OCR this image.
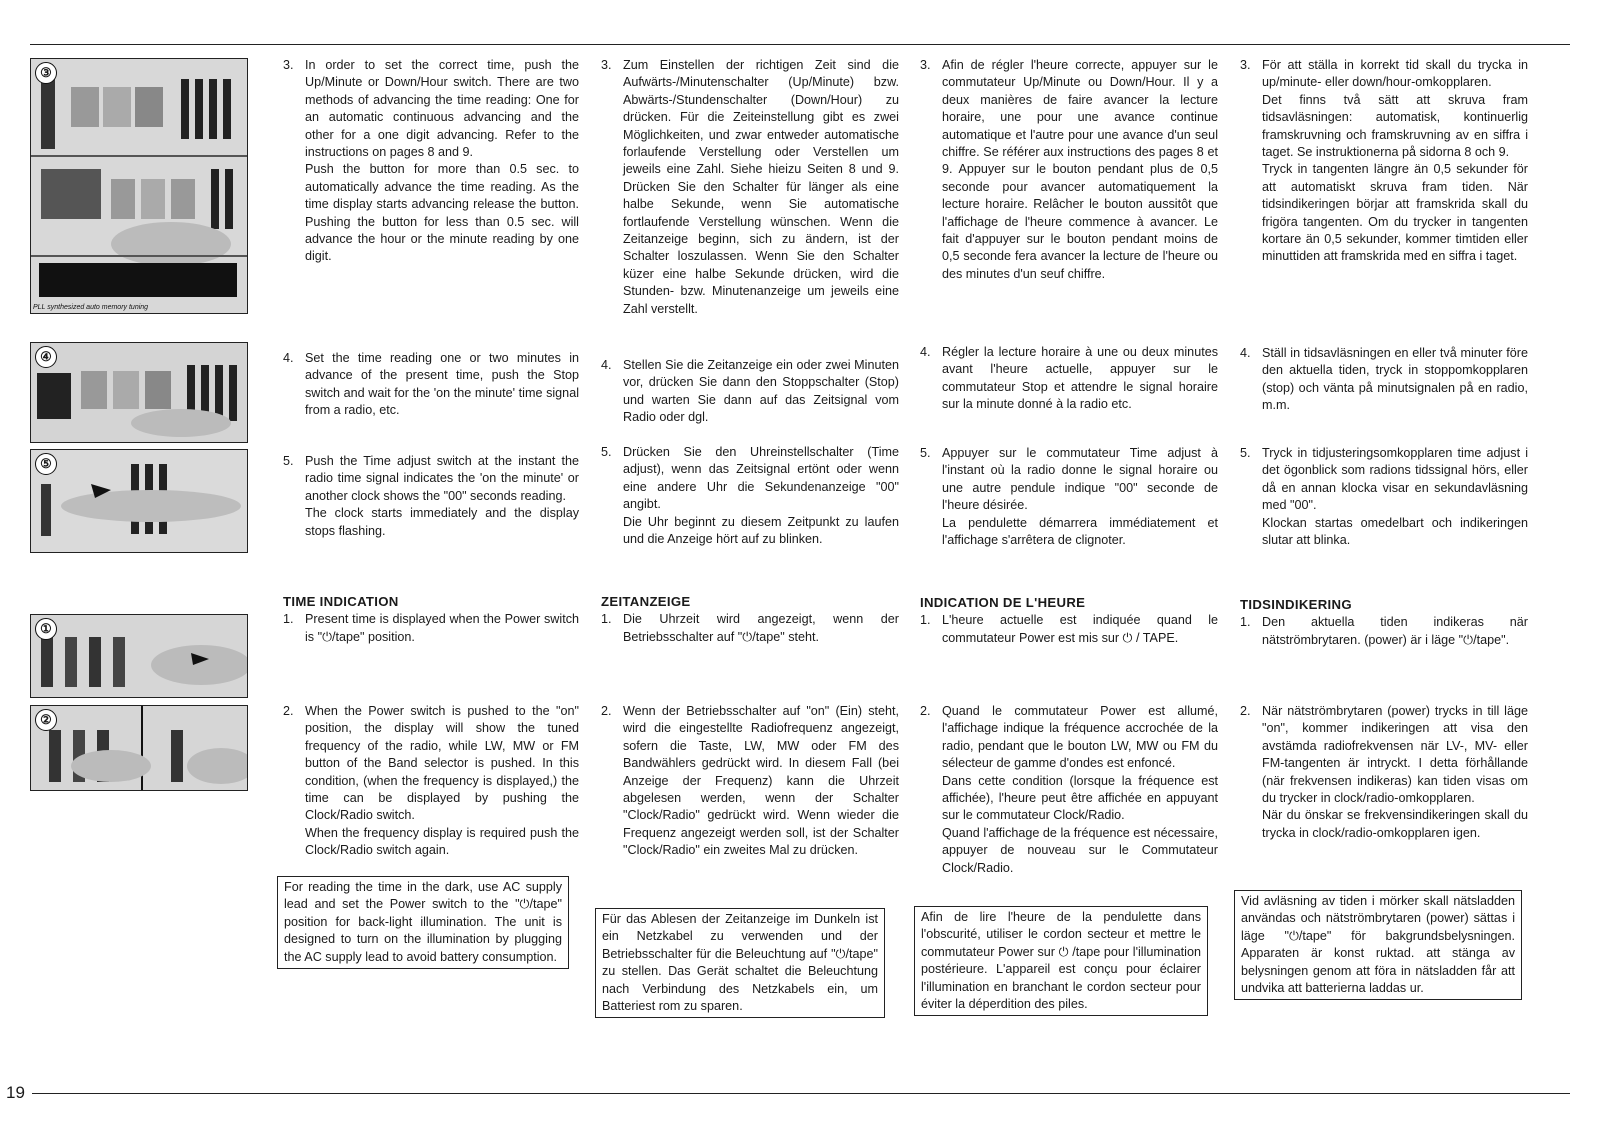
③
PLL synthesized auto memory tuning
④
⑤
①
②
3. In order to set the correct time, push the Up/Minute or Down/Hour switch. There are two methods of advancing the time reading: One for an automatic continuous advancing and the other for a one digit advancing. Refer to the instructions on pages 8 and 9.

Push the button for more than 0.5 sec. to automatically advance the time reading. As the time display starts advancing release the button. Pushing the button for less than 0.5 sec. will advance the hour or the minute reading by one digit.

4. Set the time reading one or two minutes in advance of the present time, push the Stop switch and wait for the 'on the minute' time signal from a radio, etc.

5. Push the Time adjust switch at the instant the radio time signal indicates the 'on the minute' or another clock shows the "00" seconds reading.

The clock starts immediately and the display stops flashing.

TIME INDICATION
1. Present time is displayed when the Power switch is "⏻/tape" position.

2. When the Power switch is pushed to the "on" position, the display will show the tuned frequency of the radio, while LW, MW or FM button of the Band selector is pushed. In this condition, (when the frequency is displayed,) the time can be displayed by pushing the Clock/Radio switch.

When the frequency display is required push the Clock/Radio switch again.

For reading the time in the dark, use AC supply lead and set the Power switch to the "⏻/tape" position for back-light illumination. The unit is designed to turn on the illumination by plugging the AC supply lead to avoid battery consumption.
3. Zum Einstellen der richtigen Zeit sind die Aufwärts-/Minutenschalter (Up/Minute) bzw. Abwärts-/Stundenschalter (Down/Hour) zu drücken. Für die Zeiteinstellung gibt es zwei Möglichkeiten, und zwar entweder automatische forlaufende Verstellung oder Verstellen um jeweils eine Zahl. Siehe hieizu Seiten 8 und 9. Drücken Sie den Schalter für länger als eine halbe Sekunde, wenn Sie automatische fortlaufende Verstellung wünschen. Wenn die Zeitanzeige beginn, sich zu ändern, ist der Schalter loszulassen. Wenn Sie den Schalter küzer eine halbe Sekunde drücken, wird die Stunden- bzw. Minutenanzeige um jeweils eine Zahl verstellt.

4. Stellen Sie die Zeitanzeige ein oder zwei Minuten vor, drücken Sie dann den Stoppschalter (Stop) und warten Sie dann auf das Zeitsignal vom Radio oder dgl.

5. Drücken Sie den Uhreinstellschalter (Time adjust), wenn das Zeitsignal ertönt oder wenn eine andere Uhr die Sekundenanzeige "00" angibt.

Die Uhr beginnt zu diesem Zeitpunkt zu laufen und die Anzeige hört auf zu blinken.

ZEITANZEIGE
1. Die Uhrzeit wird angezeigt, wenn der Betriebsschalter auf "⏻/tape" steht.

2. Wenn der Betriebsschalter auf "on" (Ein) steht, wird die eingestellte Radiofrequenz angezeigt, sofern die Taste, LW, MW oder FM des Bandwählers gedrückt wird. In diesem Fall (bei Anzeige der Frequenz) kann die Uhrzeit abgelesen werden, wenn der Schalter "Clock/Radio" gedrückt wird. Wenn wieder die Frequenz angezeigt werden soll, ist der Schalter "Clock/Radio" ein zweites Mal zu drücken.

Für das Ablesen der Zeitanzeige im Dunkeln ist ein Netzkabel zu verwenden und der Betriebsschalter für die Beleuchtung auf "⏻/tape" zu stellen. Das Gerät schaltet die Beleuchtung nach Verbindung des Netzkabels ein, um Batteriest rom zu sparen.
3. Afin de régler l'heure correcte, appuyer sur le commutateur Up/Minute ou Down/Hour. Il y a deux manières de faire avancer la lecture horaire, une pour une avance continue automatique et l'autre pour une avance d'un seul chiffre. Se référer aux instructions des pages 8 et 9. Appuyer sur le bouton pendant plus de 0,5 seconde pour avancer automatiquement la lecture horaire. Relâcher le bouton aussitôt que l'affichage de l'heure commence à avancer. Le fait d'appuyer sur le bouton pendant moins de 0,5 seconde fera avancer la lecture de l'heure ou des minutes d'un seuf chiffre.

4. Régler la lecture horaire à une ou deux minutes avant l'heure actuelle, appuyer sur le commutateur Stop et attendre le signal horaire sur la minute donné à la radio etc.

5. Appuyer sur le commutateur Time adjust à l'instant où la radio donne le signal horaire ou une autre pendule indique "00" seconde de l'heure désirée.

La pendulette démarrera immédiatement et l'affichage s'arrêtera de clignoter.

INDICATION DE L'HEURE
1. L'heure actuelle est indiquée quand le commutateur Power est mis sur ⏻ / TAPE.

2. Quand le commutateur Power est allumé, l'affichage indique la fréquence accrochée de la radio, pendant que le bouton LW, MW ou FM du sélecteur de gamme d'ondes est enfoncé.

Dans cette condition (lorsque la fréquence est affichée), l'heure peut être affichée en appuyant sur le commutateur Clock/Radio.

Quand l'affichage de la fréquence est nécessaire, appuyer de nouveau sur le Commutateur Clock/Radio.

Afin de lire l'heure de la pendulette dans l'obscurité, utiliser le cordon secteur et mettre le commutateur Power sur ⏻ /tape pour l'illumination postérieure. L'appareil est conçu pour éclairer l'illumination en branchant le cordon secteur pour éviter la déperdition des piles.
3. För att ställa in korrekt tid skall du trycka in up/minute- eller down/hour-omkopplaren.

Det finns två sätt att skruva fram tidsavläsningen: automatisk, kontinuerlig framskruvning och framskruvning av en siffra i taget. Se instruktionerna på sidorna 8 och 9.

Tryck in tangenten längre än 0,5 sekunder för att automatiskt skruva fram tiden. När tidsindikeringen börjar att framskrida skall du frigöra tangenten. Om du trycker in tangenten kortare än 0,5 sekunder, kommer timtiden eller minuttiden att framskrida med en siffra i taget.

4. Ställ in tidsavläsningen en eller två minuter före den aktuella tiden, tryck in stoppomkopplaren (stop) och vänta på minutsignalen på en radio, m.m.

5. Tryck in tidjusteringsomkopplaren time adjust i det ögonblick som radions tidssignal hörs, eller då en annan klocka visar en sekundavläsning med "00".

Klockan startas omedelbart och indikeringen slutar att blinka.

TIDSINDIKERING
1. Den aktuella tiden indikeras när nätströmbrytaren. (power) är i läge "⏻/tape".

2. När nätströmbrytaren (power) trycks in till läge "on", kommer indikeringen att visa den avstämda radiofrekvensen när LV-, MV- eller FM-tangenten är intryckt. I detta förhållande (när frekvensen indikeras) kan tiden visas om du trycker in clock/radio-omkopplaren.

När du önskar se frekvensindikeringen skall du trycka in clock/radio-omkopplaren igen.

Vid avläsning av tiden i mörker skall nätsladden användas och nätströmbrytaren (power) sättas i läge "⏻/tape" för bakgrundsbelysningen. Apparaten är konst ruktad. att stänga av belysningen genom att föra in nätsladden får att undvika att batterierna laddas ur.
19
